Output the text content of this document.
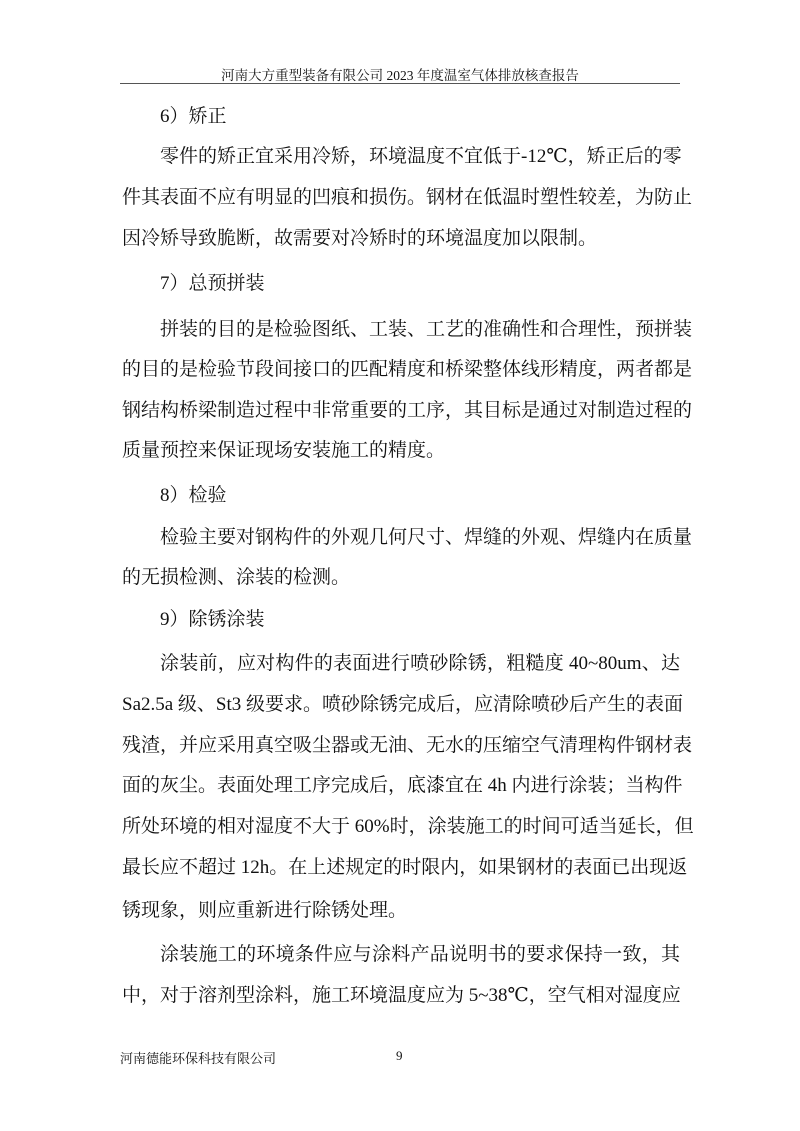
河南大方重型装备有限公司 2023 年度温室气体排放核查报告
6）矫正
零件的矫正宜采用冷矫，环境温度不宜低于-12℃，矫正后的零
件其表面不应有明显的凹痕和损伤。钢材在低温时塑性较差，为防止
因冷矫导致脆断，故需要对冷矫时的环境温度加以限制。
7）总预拼装
拼装的目的是检验图纸、工装、工艺的准确性和合理性，预拼装
的目的是检验节段间接口的匹配精度和桥梁整体线形精度，两者都是
钢结构桥梁制造过程中非常重要的工序，其目标是通过对制造过程的
质量预控来保证现场安装施工的精度。
8）检验
检验主要对钢构件的外观几何尺寸、焊缝的外观、焊缝内在质量
的无损检测、涂装的检测。
9）除锈涂装
涂装前，应对构件的表面进行喷砂除锈，粗糙度 40~80um、达
Sa2.5a 级、St3 级要求。喷砂除锈完成后，应清除喷砂后产生的表面
残渣，并应采用真空吸尘器或无油、无水的压缩空气清理构件钢材表
面的灰尘。表面处理工序完成后，底漆宜在 4h 内进行涂装；当构件
所处环境的相对湿度不大于 60%时，涂装施工的时间可适当延长，但
最长应不超过 12h。在上述规定的时限内，如果钢材的表面已出现返
锈现象，则应重新进行除锈处理。
涂装施工的环境条件应与涂料产品说明书的要求保持一致，其
中，对于溶剂型涂料，施工环境温度应为 5~38℃，空气相对湿度应
河南德能环保科技有限公司	9
